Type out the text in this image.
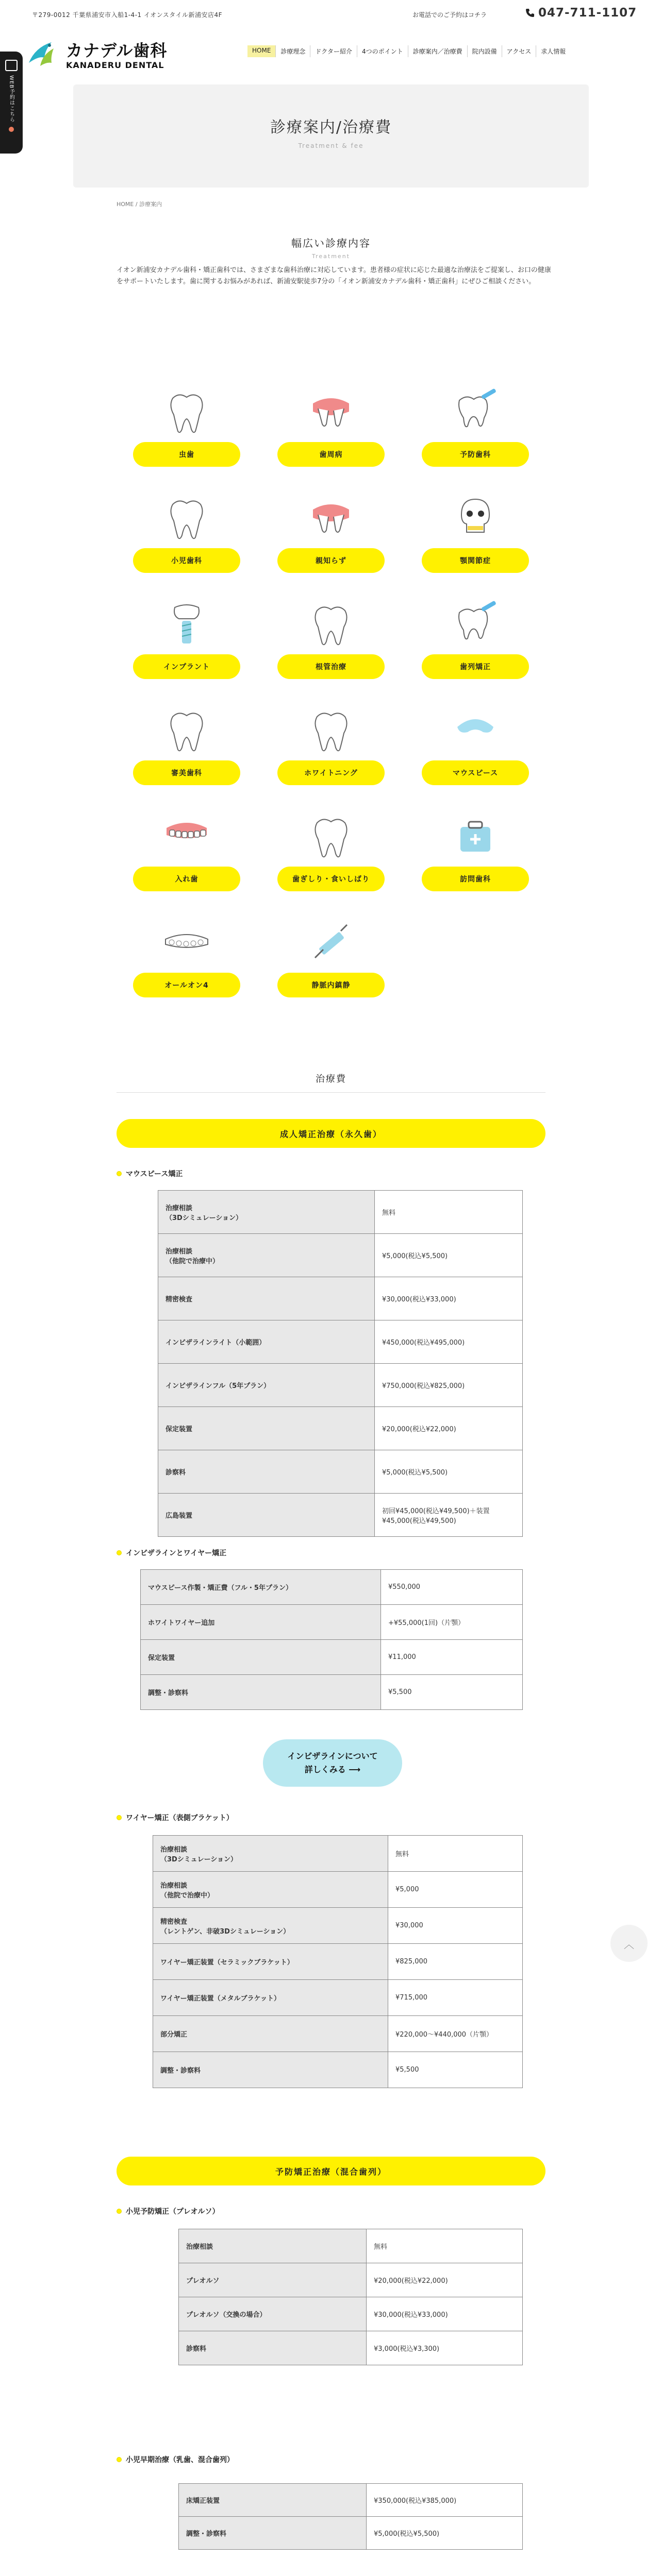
〒279-0012 千葉県浦安市入船1-4-1 イオンスタイル新浦安店4F	お電話でのご予約はコチラ	047-711-1107
カナデル歯科
KANADERU DENTAL
HOME	診療理念	ドクター紹介	4つのポイント	診療案内／治療費	院内設備	アクセス	求人情報
WEB予約はこちら
診療案内/治療費

Treatment & fee

HOME / 診療案内
幅広い診療内容
Treatment

イオン新浦安カナデル歯科・矯正歯科では、さまざまな歯科治療に対応しています。患者様の症状に応じた最適な治療法をご提案し、お口の健康をサポートいたします。歯に関するお悩みがあれば、新浦安駅徒歩7分の「イオン新浦安カナデル歯科・矯正歯科」にぜひご相談ください。

虫歯	歯周病	予防歯科
小児歯科	親知らず	顎関節症
インプラント	根管治療	歯列矯正
審美歯科	ホワイトニング	マウスピース
入れ歯	歯ぎしり・食いしばり	訪問歯科
オールオン4	静脈内鎮静
治療費
成人矯正治療（永久歯）
マウスピース矯正
治療相談
（3Dシミュレーション）	無料
治療相談
（他院で治療中）	¥5,000(税込¥5,500)
精密検査	¥30,000(税込¥33,000)
インビザラインライト（小範囲）	¥450,000(税込¥495,000)
インビザラインフル（5年プラン）	¥750,000(税込¥825,000)
保定装置	¥20,000(税込¥22,000)
診察料	¥5,000(税込¥5,500)
広島装置	初回¥45,000(税込¥49,500)＋装置¥45,000(税込¥49,500)
インビザラインとワイヤー矯正
マウスピース作製・矯正費（フル・5年プラン）	¥550,000
ホワイトワイヤー追加	+¥55,000(1回)（片顎）
保定装置	¥11,000
調整・診察料	¥5,500
インビザラインについて
詳しくみる ⟶
ワイヤー矯正（表側ブラケット）
治療相談
（3Dシミュレーション）	無料
治療相談
（他院で治療中）	¥5,000
精密検査
（レントゲン、非破3Dシミュレーション）	¥30,000
ワイヤー矯正装置（セラミックブラケット）	¥825,000
ワイヤー矯正装置（メタルブラケット）	¥715,000
部分矯正	¥220,000〜¥440,000（片顎）
調整・診察料	¥5,500
︿
予防矯正治療（混合歯列）
小児予防矯正（プレオルソ）
治療相談	無料
プレオルソ	¥20,000(税込¥22,000)
プレオルソ（交換の場合）	¥30,000(税込¥33,000)
診察料	¥3,000(税込¥3,300)
小児早期治療（乳歯、混合歯列）
床矯正装置	¥350,000(税込¥385,000)
調整・診察料	¥5,000(税込¥5,500)
